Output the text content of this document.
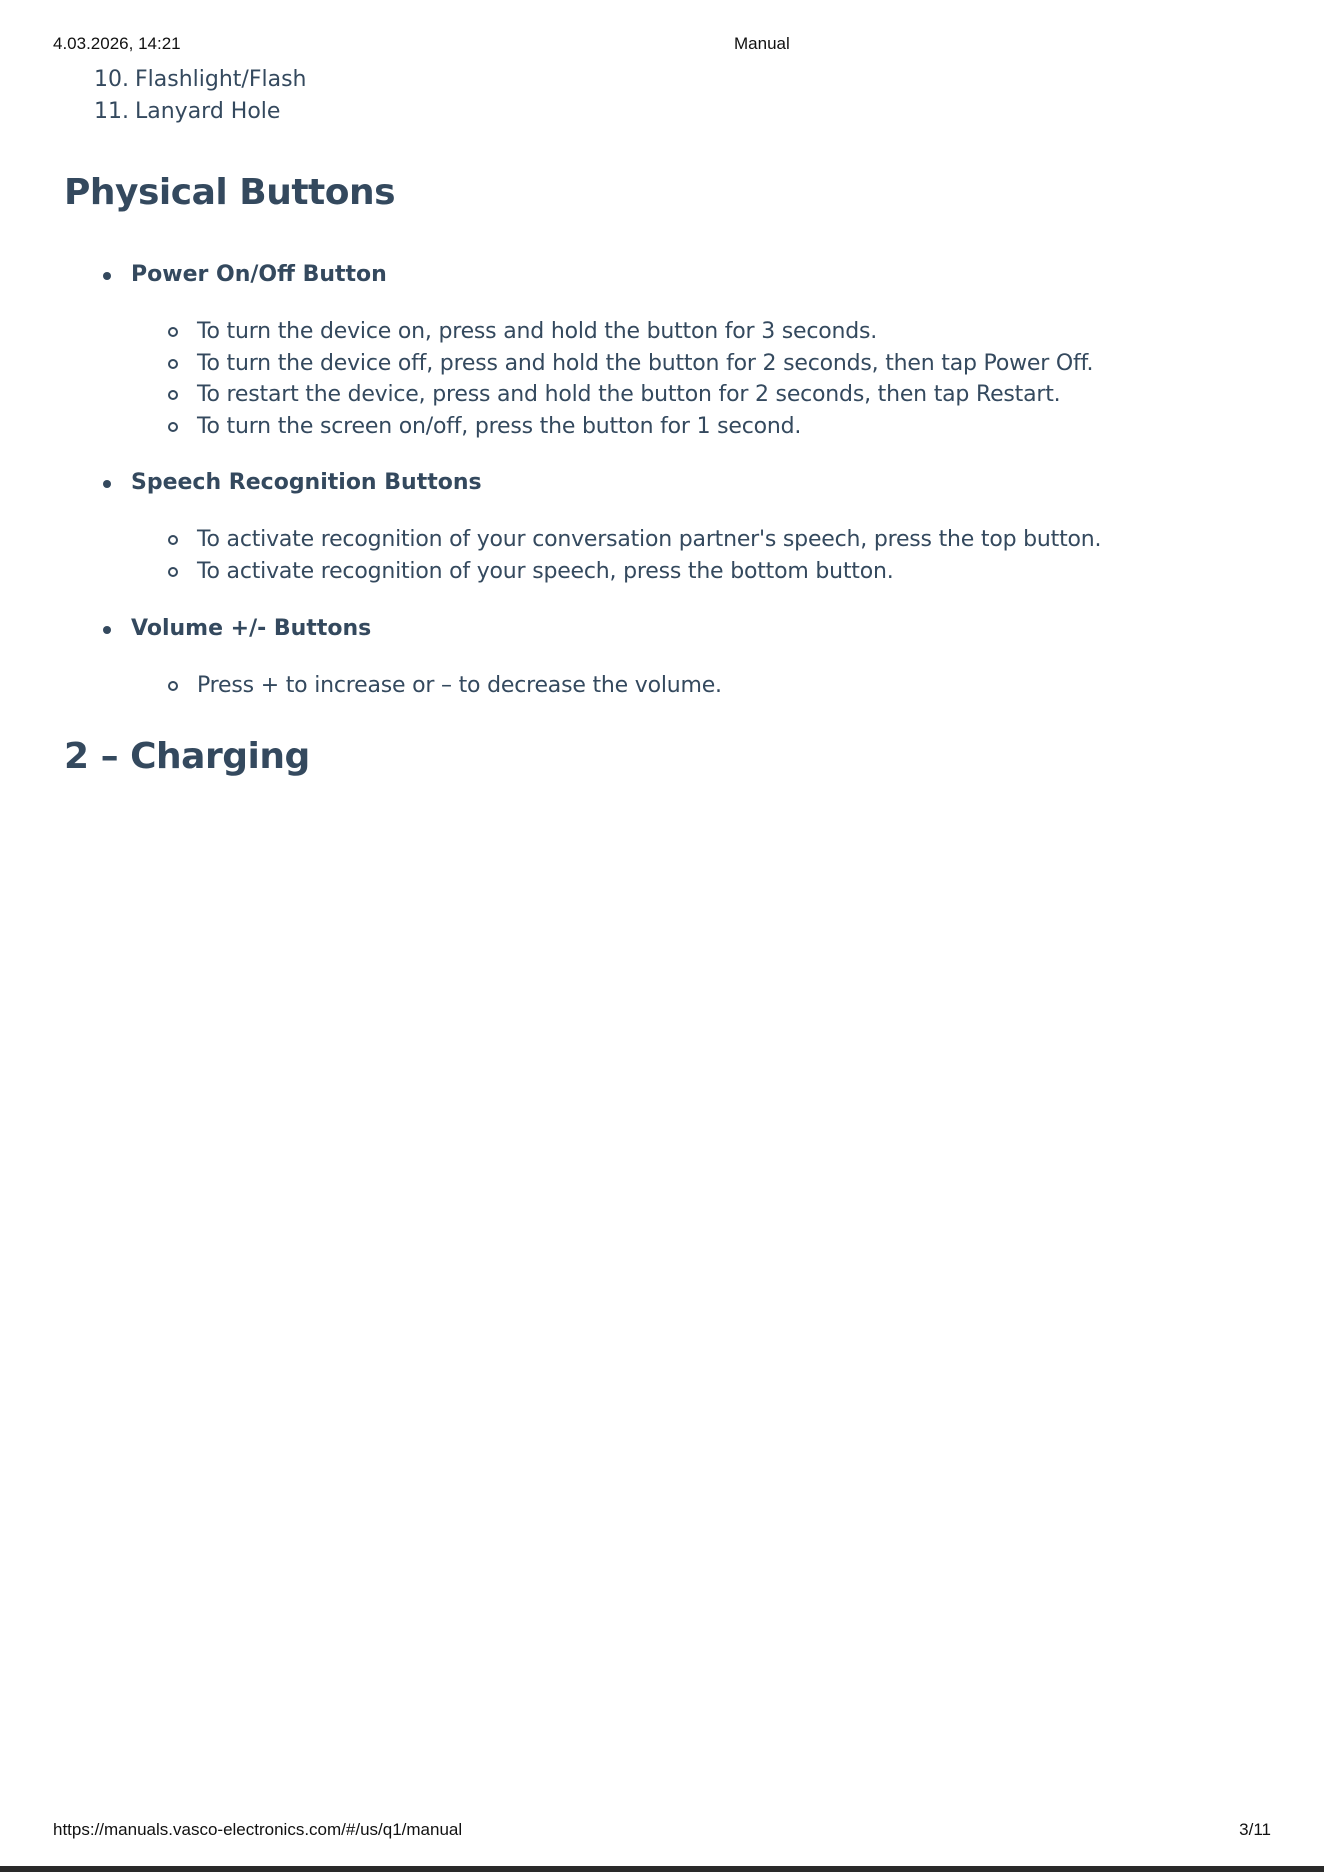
4.03.2026, 14:21	Manual
10. Flashlight/Flash
11. Lanyard Hole
Physical Buttons
Power On/Off Button
To turn the device on, press and hold the button for 3 seconds.
To turn the device off, press and hold the button for 2 seconds, then tap Power Off.
To restart the device, press and hold the button for 2 seconds, then tap Restart.
To turn the screen on/off, press the button for 1 second.
Speech Recognition Buttons
To activate recognition of your conversation partner's speech, press the top button.
To activate recognition of your speech, press the bottom button.
Volume +/- Buttons
Press + to increase or – to decrease the volume.
2 – Charging
https://manuals.vasco-electronics.com/#/us/q1/manual	3/11
